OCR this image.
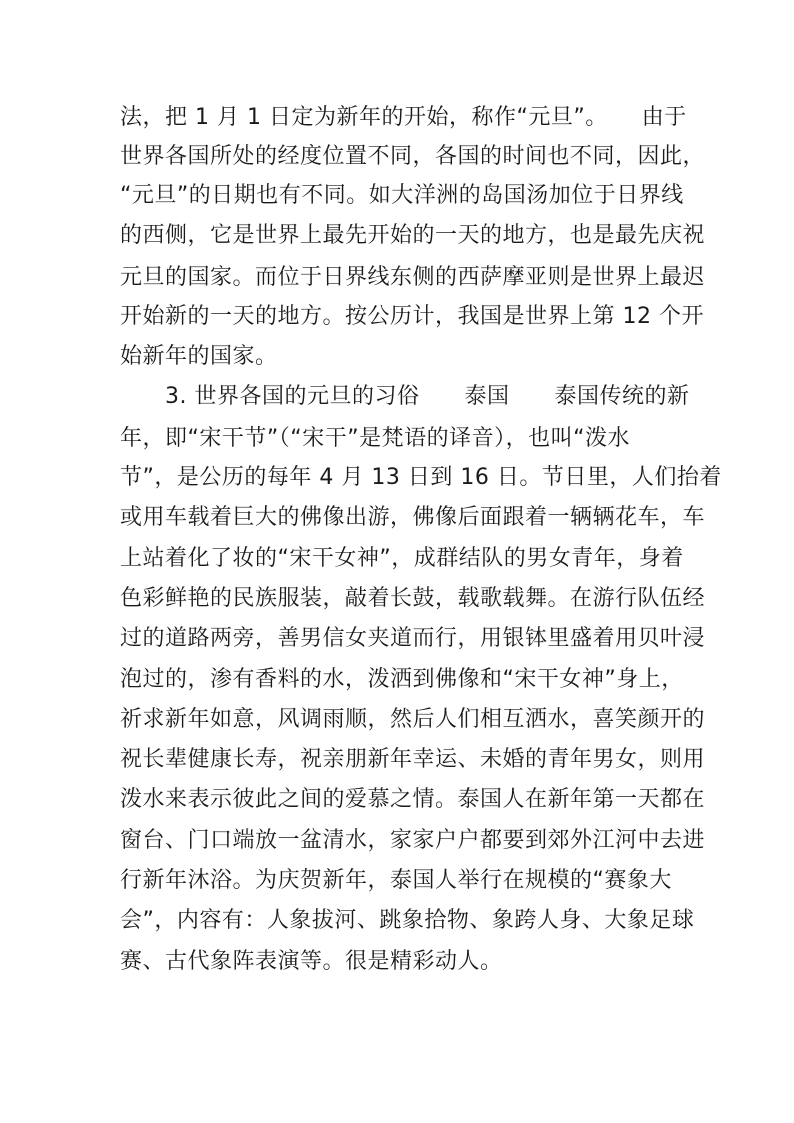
法，把 1 月 1 日定为新年的开始，称作“元旦”。　　由于
世界各国所处的经度位置不同，各国的时间也不同，因此，
“元旦”的日期也有不同。如大洋洲的岛国汤加位于日界线
的西侧，它是世界上最先开始的一天的地方，也是最先庆祝
元旦的国家。而位于日界线东侧的西萨摩亚则是世界上最迟
开始新的一天的地方。按公历计，我国是世界上第 12 个开
始新年的国家。
　　3. 世界各国的元旦的习俗　　泰国　　泰国传统的新
年，即“宋干节”（“宋干”是梵语的译音），也叫“泼水
节”，是公历的每年 4 月 13 日到 16 日。节日里，人们抬着
或用车载着巨大的佛像出游，佛像后面跟着一辆辆花车，车
上站着化了妆的“宋干女神”，成群结队的男女青年，身着
色彩鲜艳的民族服装，敲着长鼓，载歌载舞。在游行队伍经
过的道路两旁，善男信女夹道而行，用银钵里盛着用贝叶浸
泡过的，渗有香料的水，泼洒到佛像和“宋干女神”身上，
祈求新年如意，风调雨顺，然后人们相互洒水，喜笑颜开的
祝长辈健康长寿，祝亲朋新年幸运、未婚的青年男女，则用
泼水来表示彼此之间的爱慕之情。泰国人在新年第一天都在
窗台、门口端放一盆清水，家家户户都要到郊外江河中去进
行新年沐浴。为庆贺新年，泰国人举行在规模的“赛象大
会”，内容有：人象拔河、跳象拾物、象跨人身、大象足球
赛、古代象阵表演等。很是精彩动人。
